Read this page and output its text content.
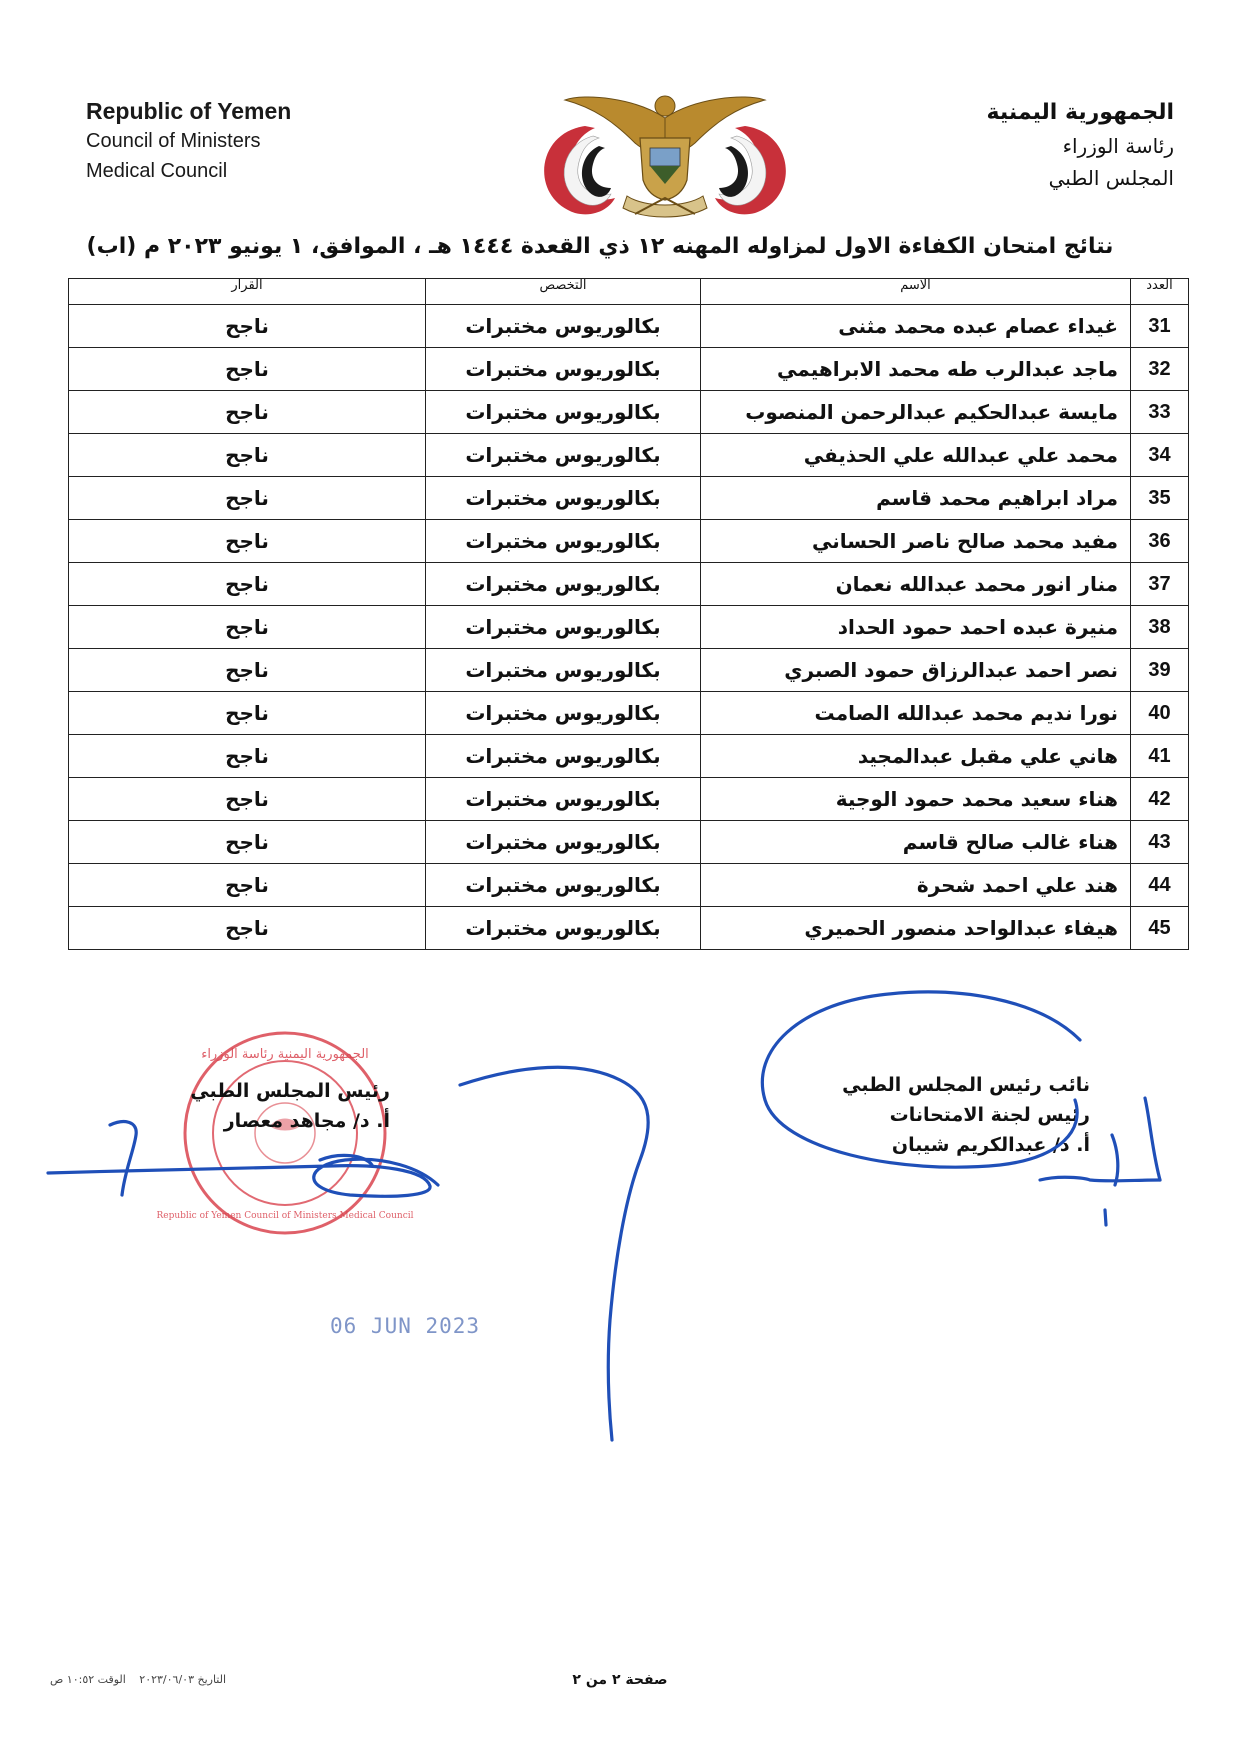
Republic of Yemen
Council of Ministers
Medical Council
الجمهورية اليمنية
رئاسة الوزراء
المجلس الطبي
نتائج امتحان الكفاءة الاول لمزاوله المهنه ١٢ ذي القعدة ١٤٤٤ هـ ، الموافق، ١ يونيو ٢٠٢٣ م (اب)
العدد	الاسم	التخصص	القرار
31	غيداء عصام عبده محمد مثنى	بكالوريوس مختبرات	ناجح
32	ماجد عبدالرب طه محمد الابراهيمي	بكالوريوس مختبرات	ناجح
33	مايسة عبدالحكيم عبدالرحمن المنصوب	بكالوريوس مختبرات	ناجح
34	محمد علي عبدالله علي الحذيفي	بكالوريوس مختبرات	ناجح
35	مراد ابراهيم محمد قاسم	بكالوريوس مختبرات	ناجح
36	مفيد محمد صالح ناصر الحساني	بكالوريوس مختبرات	ناجح
37	منار انور محمد عبدالله نعمان	بكالوريوس مختبرات	ناجح
38	منيرة عبده احمد حمود الحداد	بكالوريوس مختبرات	ناجح
39	نصر احمد عبدالرزاق حمود الصبري	بكالوريوس مختبرات	ناجح
40	نورا نديم محمد عبدالله الصامت	بكالوريوس مختبرات	ناجح
41	هاني علي مقبل عبدالمجيد	بكالوريوس مختبرات	ناجح
42	هناء سعيد محمد حمود الوجية	بكالوريوس مختبرات	ناجح
43	هناء غالب صالح قاسم	بكالوريوس مختبرات	ناجح
44	هند علي احمد شحرة	بكالوريوس مختبرات	ناجح
45	هيفاء عبدالواحد منصور الحميري	بكالوريوس مختبرات	ناجح
الجمهورية اليمنية رئاسة الوزراء
Republic of Yemen Council of Ministers Medical Council
رئيس المجلس الطبي
أ. د/ مجاهد معصار
نائب رئيس المجلس الطبي
رئيس لجنة الامتحانات
أ. د/ عبدالكريم شيبان
06 JUN 2023
صفحة ٢ من ٢
التاريخ ٢٠٢٣/٠٦/٠٣ الوقت ١٠:٥٢ ص
